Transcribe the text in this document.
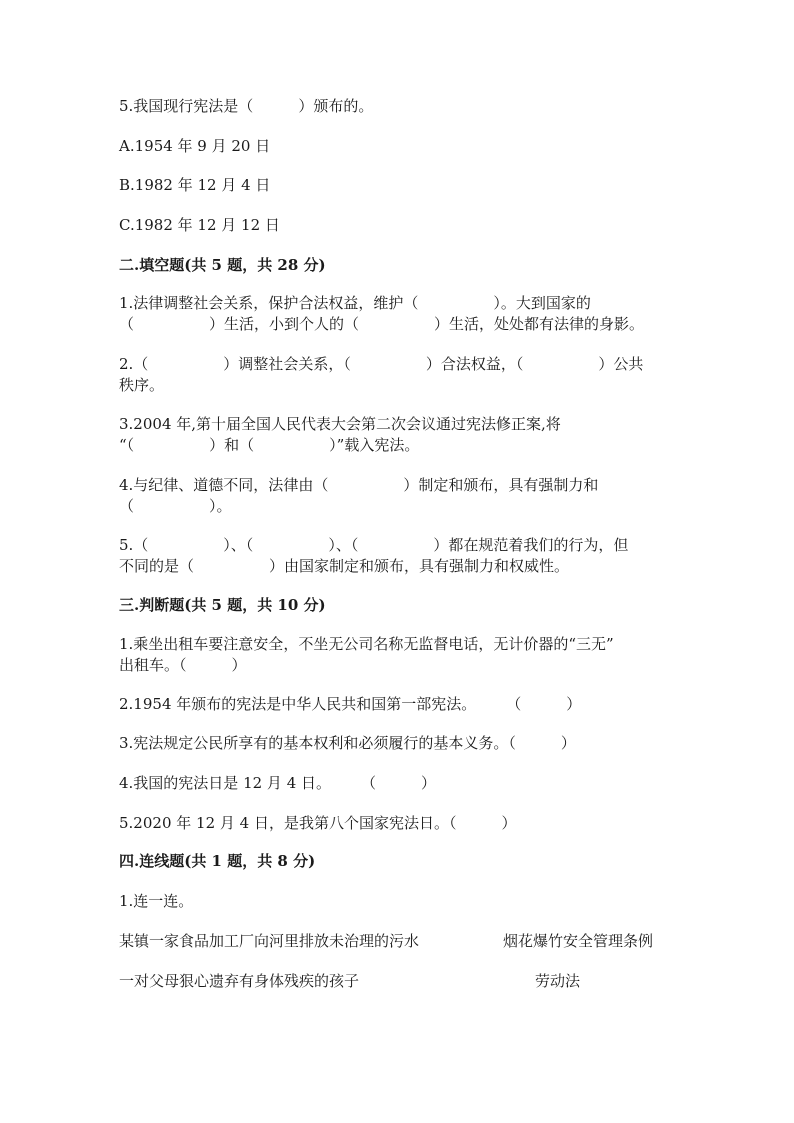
5.我国现行宪法是（　　　）颁布的。
A.1954 年 9 月 20 日
B.1982 年 12 月 4 日
C.1982 年 12 月 12 日
二.填空题(共 5 题，共 28 分)
1.法律调整社会关系，保护合法权益，维护（　　　　　）。大到国家的
（　　　　　）生活，小到个人的（　　　　　）生活，处处都有法律的身影。
2.（　　　　　）调整社会关系，（　　　　　）合法权益，（　　　　　）公共
秩序。
3.2004 年,第十届全国人民代表大会第二次会议通过宪法修正案,将
“（　　　　　）和（　　　　　）”载入宪法。
4.与纪律、道德不同，法律由（　　　　　）制定和颁布，具有强制力和
（　　　　　）。
5.（　　　　　）、（　　　　　）、（　　　　　）都在规范着我们的行为，但
不同的是（　　　　　）由国家制定和颁布，具有强制力和权威性。
三.判断题(共 5 题，共 10 分)
1.乘坐出租车要注意安全，不坐无公司名称无监督电话，无计价器的“三无”
出租车。（　　　）
2.1954 年颁布的宪法是中华人民共和国第一部宪法。　　　（　　　）
3.宪法规定公民所享有的基本权利和必须履行的基本义务。（　　　）
4.我国的宪法日是 12 月 4 日。　　　（　　　）
5.2020 年 12 月 4 日，是我第八个国家宪法日。（　　　）
四.连线题(共 1 题，共 8 分)
1.连一连。
某镇一家食品加工厂向河里排放未治理的污水	烟花爆竹安全管理条例
一对父母狠心遗弃有身体残疾的孩子	劳动法
